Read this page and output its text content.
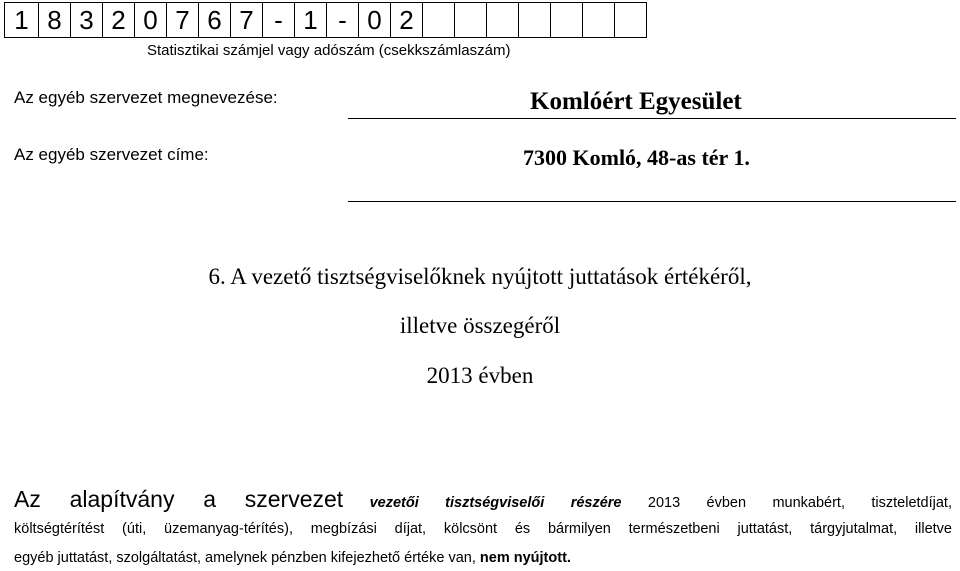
1 8 3 2 0 7 6 7 - 1 - 0 2
Statisztikai számjel vagy adószám (csekkszámlaszám)
Az egyéb szervezet megnevezése:	Komlóért Egyesület
Az egyéb szervezet címe:	7300 Komló, 48-as tér 1.
6. A vezető tisztségviselőknek nyújtott juttatások értékéről,
illetve összegéről
2013 évben
Az alapítvány a szervezet vezetői tisztségviselői részére 2013 évben munkabért, tiszteletdíjat,
költségtérítést (úti, üzemanyag-térítés), megbízási díjat, kölcsönt és bármilyen természetbeni juttatást, tárgyjutalmat, illetve
egyéb juttatást, szolgáltatást, amelynek pénzben kifejezhető értéke van, nem nyújtott.
